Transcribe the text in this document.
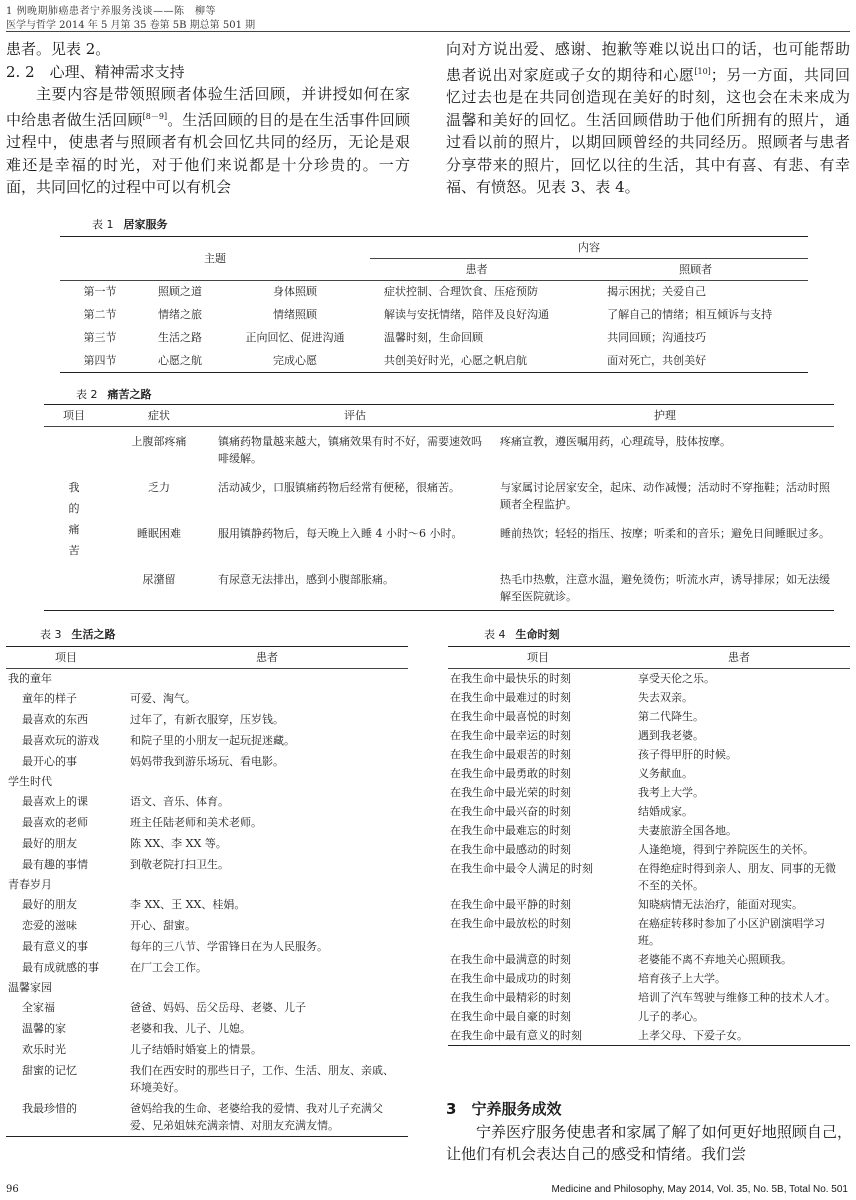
1 例晚期肺癌患者宁养服务浅谈——陈　柳等
医学与哲学 2014 年 5 月第 35 卷第 5B 期总第 501 期

患者。见表 2。

2. 2　 心理、精神需求支持

主要内容是带领照顾者体验生活回顾，并讲授如何在家中给患者做生活回顾[8－9]。生活回顾的目的是在生活事件回顾过程中，使患者与照顾者有机会回忆共同的经历，无论是艰难还是幸福的时光，对于他们来说都是十分珍贵的。一方面，共同回忆的过程中可以有机会

向对方说出爱、感谢、抱歉等难以说出口的话，也可能帮助患者说出对家庭或子女的期待和心愿[10]；另一方面，共同回忆过去也是在共同创造现在美好的时刻，这也会在未来成为温馨和美好的回忆。生活回顾借助于他们所拥有的照片，通过看以前的照片，以期回顾曾经的共同经历。照顾者与患者分享带来的照片，回忆以往的生活，其中有喜、有悲、有幸福、有愤怒。见表 3、表 4。

表 1 居家服务
主题			内容	
			患者	照顾者
第一节	照顾之道	身体照顾	症状控制、合理饮食、压疮预防	揭示困扰；关爱自己
第二节	情绪之旅	情绪照顾	解读与安抚情绪，陪伴及良好沟通	了解自己的情绪；相互倾诉与支持
第三节	生活之路	正向回忆、促进沟通	温馨时刻，生命回顾	共同回顾；沟通技巧
第四节	心愿之航	完成心愿	共创美好时光，心愿之帆启航	面对死亡，共创美好
表 2 痛苦之路
项目	症状	评估	护理

我
的
痛
苦	上腹部疼痛	镇痛药物量越来越大，镇痛效果有时不好，需要速效吗啡缓解。	疼痛宣教，遵医嘱用药，心理疏导，肢体按摩。
	乏力	活动减少，口服镇痛药物后经常有便秘，很痛苦。	与家属讨论居家安全，起床、动作减慢；活动时不穿拖鞋；活动时照顾者全程监护。
	睡眠困难	服用镇静药物后，每天晚上入睡 4 小时～6 小时。	睡前热饮；轻轻的指压、按摩；听柔和的音乐；避免日间睡眠过多。
	尿潴留	有尿意无法排出，感到小腹部胀痛。	热毛巾热敷，注意水温，避免烫伤；听流水声，诱导排尿；如无法缓解至医院就诊。
表 3 生活之路
项目	患者
我的童年	
童年的样子	可爱、淘气。
最喜欢的东西	过年了，有新衣服穿，压岁钱。
最喜欢玩的游戏	和院子里的小朋友一起玩捉迷藏。
最开心的事	妈妈带我到游乐场玩、看电影。
学生时代	
最喜欢上的课	语文、音乐、体育。
最喜欢的老师	班主任陆老师和美术老师。
最好的朋友	陈 XX、李 XX 等。
最有趣的事情	到敬老院打扫卫生。
青春岁月	
最好的朋友	李 XX、王 XX、桂娟。
恋爱的滋味	开心、甜蜜。
最有意义的事	每年的三八节、学雷锋日在为人民服务。
最有成就感的事	在厂工会工作。
温馨家园	
全家福	爸爸、妈妈、岳父岳母、老婆、儿子
温馨的家	老婆和我、儿子、儿媳。
欢乐时光	儿子结婚时婚宴上的情景。
甜蜜的记忆	我们在西安时的那些日子，工作、生活、朋友、亲戚、环境美好。
我最珍惜的	爸妈给我的生命、老婆给我的爱情、我对儿子充满父爱、兄弟姐妹充满亲情、对朋友充满友情。
表 4 生命时刻
项目	患者
在我生命中最快乐的时刻	享受天伦之乐。
在我生命中最难过的时刻	失去双亲。
在我生命中最喜悦的时刻	第二代降生。
在我生命中最幸运的时刻	遇到我老婆。
在我生命中最艰苦的时刻	孩子得甲肝的时候。
在我生命中最勇敢的时刻	义务献血。
在我生命中最光荣的时刻	我考上大学。
在我生命中最兴奋的时刻	结婚成家。
在我生命中最难忘的时刻	夫妻旅游全国各地。
在我生命中最感动的时刻	人逢绝境，得到宁养院医生的关怀。
在我生命中最令人满足的时刻	在得绝症时得到亲人、朋友、同事的无微不至的关怀。
在我生命中最平静的时刻	知晓病情无法治疗，能面对现实。
在我生命中最放松的时刻	在癌症转移时参加了小区沪剧演唱学习班。
在我生命中最满意的时刻	老婆能不离不弃地关心照顾我。
在我生命中最成功的时刻	培育孩子上大学。
在我生命中最精彩的时刻	培训了汽车驾驶与维修工种的技术人才。
在我生命中最自豪的时刻	儿子的孝心。
在我生命中最有意义的时刻	上孝父母、下爱子女。

3　 宁养服务成效

宁养医疗服务使患者和家属了解了如何更好地照顾自己，让他们有机会表达自己的感受和情绪。我们尝

96	Medicine and Philosophy, May 2014, Vol. 35, No. 5B, Total No. 501
